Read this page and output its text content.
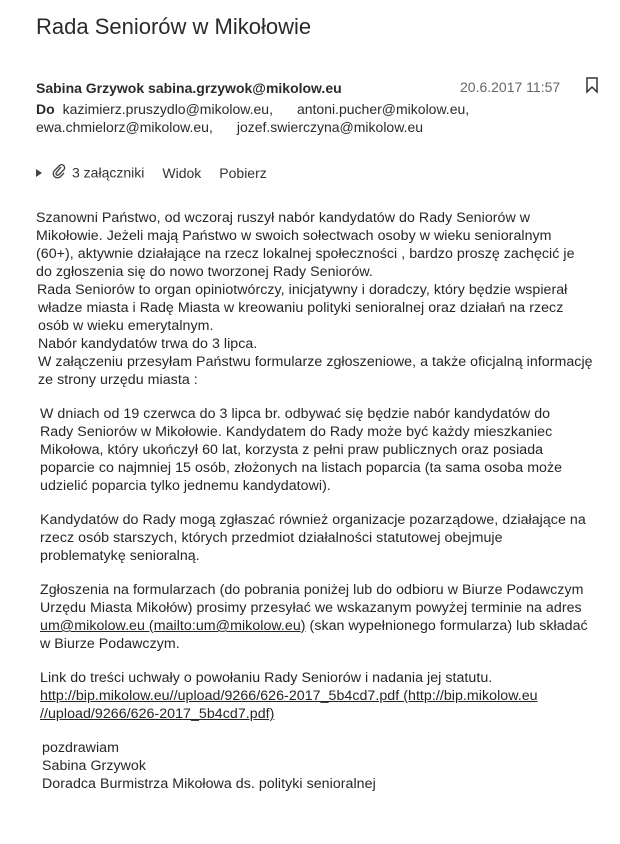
Rada Seniorów w Mikołowie
Sabina Grzywok sabina.grzywok@mikolow.eu	20.6.2017 11:57
Do kazimierz.pruszydlo@mikolow.eu, antoni.pucher@mikolow.eu,
ewa.chmielorz@mikolow.eu, jozef.swierczyna@mikolow.eu
3 załączniki Widok Pobierz
Szanowni Państwo, od wczoraj ruszył nabór kandydatów do Rady Seniorów w
Mikołowie. Jeżeli mają Państwo w swoich sołectwach osoby w wieku senioralnym
(60+), aktywnie działające na rzecz lokalnej społeczności , bardzo proszę zachęcić je
do zgłoszenia się do nowo tworzonej Rady Seniorów.
Rada Seniorów to organ opiniotwórczy, inicjatywny i doradczy, który będzie wspierał
władze miasta i Radę Miasta w kreowaniu polityki senioralnej oraz działań na rzecz
osób w wieku emerytalnym.
Nabór kandydatów trwa do 3 lipca.
W załączeniu przesyłam Państwu formularze zgłoszeniowe, a także oficjalną informację
ze strony urzędu miasta :
W dniach od 19 czerwca do 3 lipca br. odbywać się będzie nabór kandydatów do
Rady Seniorów w Mikołowie. Kandydatem do Rady może być każdy mieszkaniec
Mikołowa, który ukończył 60 lat, korzysta z pełni praw publicznych oraz posiada
poparcie co najmniej 15 osób, złożonych na listach poparcia (ta sama osoba może
udzielić poparcia tylko jednemu kandydatowi).
Kandydatów do Rady mogą zgłaszać również organizacje pozarządowe, działające na
rzecz osób starszych, których przedmiot działalności statutowej obejmuje
problematykę senioralną.
Zgłoszenia na formularzach (do pobrania poniżej lub do odbioru w Biurze Podawczym
Urzędu Miasta Mikołów) prosimy przesyłać we wskazanym powyżej terminie na adres
um@mikolow.eu (mailto:um@mikolow.eu) (skan wypełnionego formularza) lub składać
w Biurze Podawczym.
Link do treści uchwały o powołaniu Rady Seniorów i nadania jej statutu.
http://bip.mikolow.eu//upload/9266/626-2017_5b4cd7.pdf (http://bip.mikolow.eu
//upload/9266/626-2017_5b4cd7.pdf)
pozdrawiam
Sabina Grzywok
Doradca Burmistrza Mikołowa ds. polityki senioralnej
